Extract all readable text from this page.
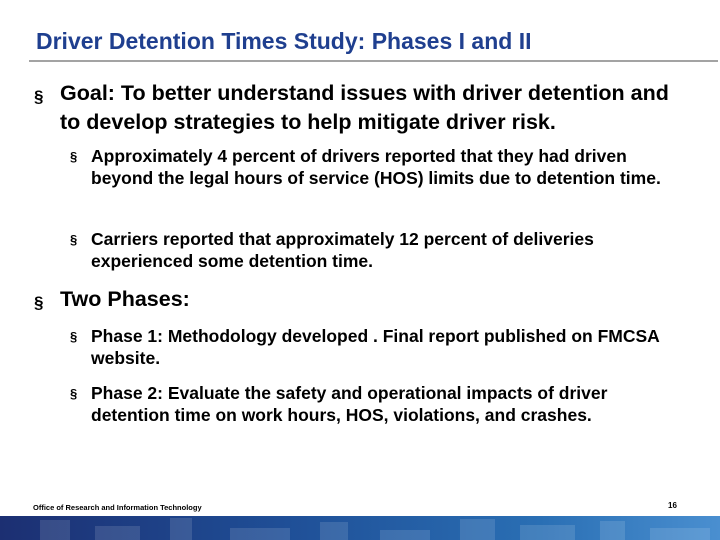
Driver Detention Times Study: Phases I and II
§ Goal: To better understand issues with driver detention and to develop strategies to help mitigate driver risk.
§ Approximately 4 percent of drivers reported that they had driven beyond the legal hours of service (HOS) limits due to detention time.
§ Carriers reported that approximately 12 percent of deliveries experienced some detention time.
§ Two Phases:
§ Phase 1: Methodology developed . Final report published on FMCSA website.
§ Phase 2: Evaluate the safety and operational impacts of driver detention time on work hours, HOS, violations, and crashes.
Office of Research and Information Technology	16
